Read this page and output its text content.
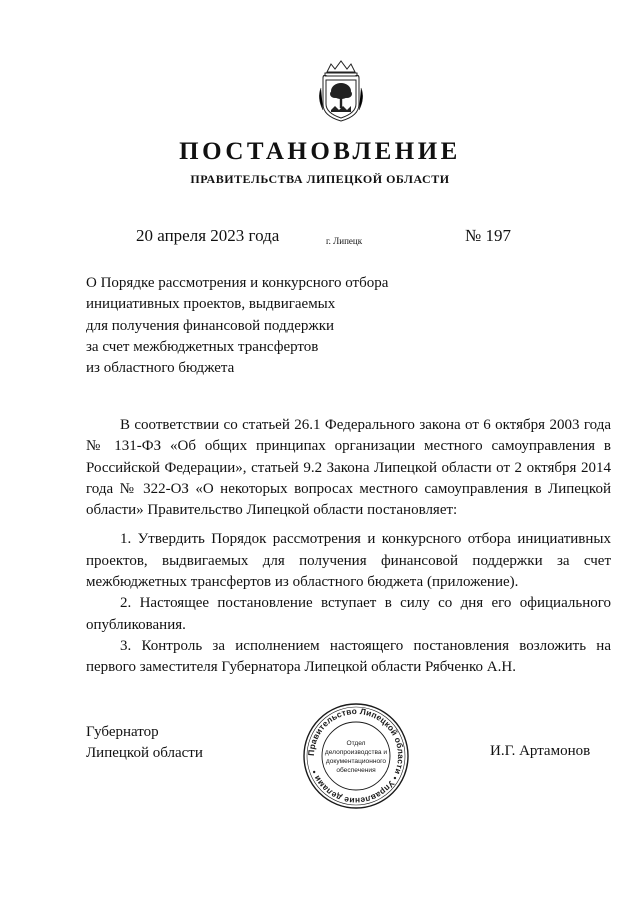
ПОСТАНОВЛЕНИЕ
ПРАВИТЕЛЬСТВА ЛИПЕЦКОЙ ОБЛАСТИ
20 апреля 2023 года	г. Липецк	№ 197
О Порядке рассмотрения и конкурсного отбора
инициативных проектов, выдвигаемых
для получения финансовой поддержки
за счет межбюджетных трансфертов
из областного бюджета
В соответствии со статьей 26.1 Федерального закона от 6 октября 2003 года
№ 131-ФЗ «Об общих принципах организации местного самоуправления в
Российской Федерации», статьей 9.2 Закона Липецкой области от 2 октября 2014
года № 322-ОЗ «О некоторых вопросах местного самоуправления в Липецкой
области» Правительство Липецкой области постановляет:
1. Утвердить Порядок рассмотрения и конкурсного отбора инициативных
проектов, выдвигаемых для получения финансовой поддержки за счет
межбюджетных трансфертов из областного бюджета (приложение).
2. Настоящее постановление вступает в силу со дня его официального
опубликования.
3. Контроль за исполнением настоящего постановления возложить на
первого заместителя Губернатора Липецкой области Рябченко А.Н.
Губернатор
Липецкой области	Правительство Липецкой области • Управление делами •
Отдел
делопроизводства и
документационного
обеспечения
И.Г. Артамонов
